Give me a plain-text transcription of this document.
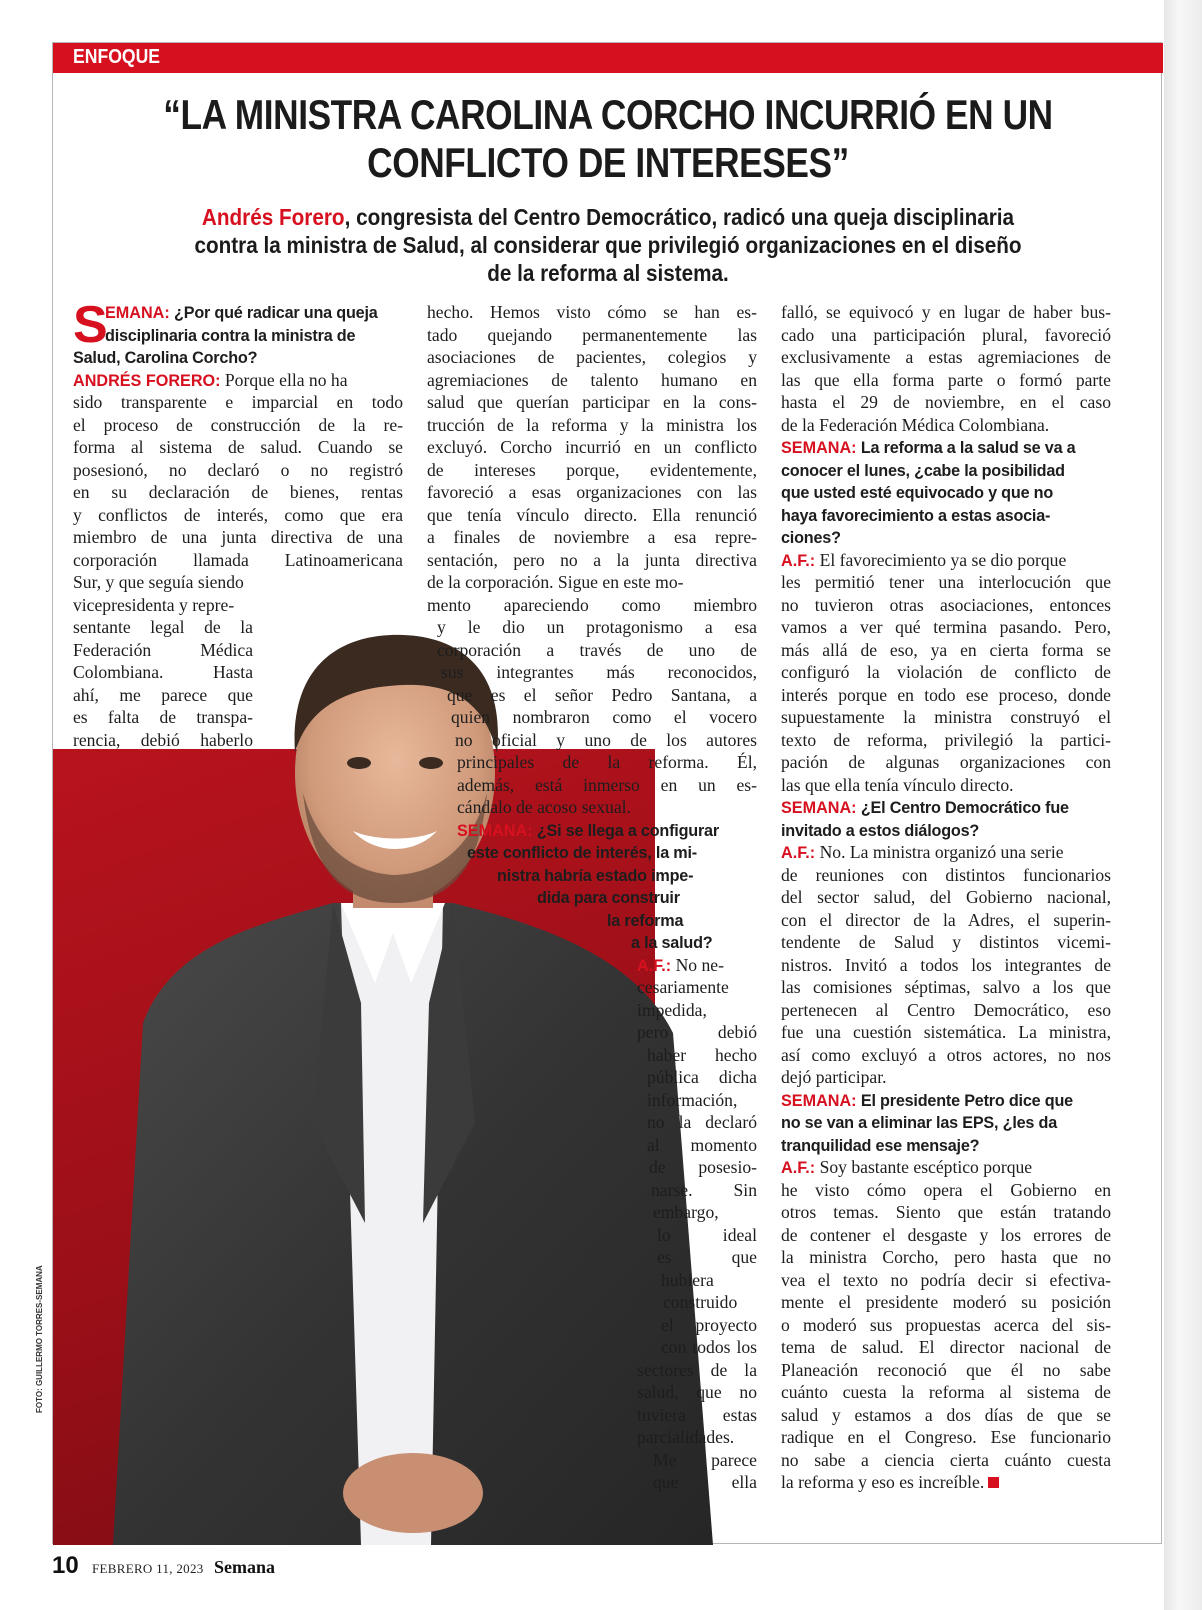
ENFOQUE
“LA MINISTRA CAROLINA CORCHO INCURRIÓ EN UN
CONFLICTO DE INTERESES”
Andrés Forero, congresista del Centro Democrático, radicó una queja disciplinaria
contra la ministra de Salud, al considerar que privilegió organizaciones en el diseño
de la reforma al sistema.
FOTO: GUILLERMO TORRES-SEMANA
S
EMANA: ¿Por qué radicar una queja
disciplinaria contra la ministra de
Salud, Carolina Corcho?
ANDRÉS FORERO: Porque ella no ha
sido transparente e imparcial en todo
el proceso de construcción de la re-
forma al sistema de salud. Cuando se
posesionó, no declaró o no registró
en su declaración de bienes, rentas
y conflictos de interés, como que era
miembro de una junta directiva de una
corporación llamada Latinoamericana
Sur, y que seguía siendo
vicepresidenta y repre-
sentante legal de la
Federación Médica
Colombiana. Hasta
ahí, me parece que
es falta de transpa-
rencia, debió haberlo
hecho. Hemos visto cómo se han es-
tado quejando permanentemente las
asociaciones de pacientes, colegios y
agremiaciones de talento humano en
salud que querían participar en la cons-
trucción de la reforma y la ministra los
excluyó. Corcho incurrió en un conflicto
de intereses porque, evidentemente,
favoreció a esas organizaciones con las
que tenía vínculo directo. Ella renunció
a finales de noviembre a esa repre-
sentación, pero no a la junta directiva
de la corporación. Sigue en este mo-
mento apareciendo como miembro
y le dio un protagonismo a esa
corporación a través de uno de
sus integrantes más reconocidos,
que es el señor Pedro Santana, a
quien nombraron como el vocero
no oficial y uno de los autores
principales de la reforma. Él,
además, está inmerso en un es-
cándalo de acoso sexual.
SEMANA: ¿Si se llega a configurar
este conflicto de interés, la mi-
nistra habría estado impe-
dida para construir
la reforma
a la salud?
A.F.: No ne-
cesariamente
impedida,
pero debió
haber hecho
pública dicha
información,
no la declaró
al momento
de posesio-
narse. Sin
embargo,
lo ideal
es que
hubiera
construido
el proyecto
con todos los
sectores de la
salud, que no
tuviera estas
parcialidades.
Me parece
que ella
falló, se equivocó y en lugar de haber bus-
cado una participación plural, favoreció
exclusivamente a estas agremiaciones de
las que ella forma parte o formó parte
hasta el 29 de noviembre, en el caso
de la Federación Médica Colombiana.
SEMANA: La reforma a la salud se va a
conocer el lunes, ¿cabe la posibilidad
que usted esté equivocado y que no
haya favorecimiento a estas asocia-
ciones?
A.F.: El favorecimiento ya se dio porque
les permitió tener una interlocución que
no tuvieron otras asociaciones, entonces
vamos a ver qué termina pasando. Pero,
más allá de eso, ya en cierta forma se
configuró la violación de conflicto de
interés porque en todo ese proceso, donde
supuestamente la ministra construyó el
texto de reforma, privilegió la partici-
pación de algunas organizaciones con
las que ella tenía vínculo directo.
SEMANA: ¿El Centro Democrático fue
invitado a estos diálogos?
A.F.: No. La ministra organizó una serie
de reuniones con distintos funcionarios
del sector salud, del Gobierno nacional,
con el director de la Adres, el superin-
tendente de Salud y distintos vicemi-
nistros. Invitó a todos los integrantes de
las comisiones séptimas, salvo a los que
pertenecen al Centro Democrático, eso
fue una cuestión sistemática. La ministra,
así como excluyó a otros actores, no nos
dejó participar.
SEMANA: El presidente Petro dice que
no se van a eliminar las EPS, ¿les da
tranquilidad ese mensaje?
A.F.: Soy bastante escéptico porque
he visto cómo opera el Gobierno en
otros temas. Siento que están tratando
de contener el desgaste y los errores de
la ministra Corcho, pero hasta que no
vea el texto no podría decir si efectiva-
mente el presidente moderó su posición
o moderó sus propuestas acerca del sis-
tema de salud. El director nacional de
Planeación reconoció que él no sabe
cuánto cuesta la reforma al sistema de
salud y estamos a dos días de que se
radique en el Congreso. Ese funcionario
no sabe a ciencia cierta cuánto cuesta
la reforma y eso es increíble.
10 FEBRERO 11, 2023 Semana
